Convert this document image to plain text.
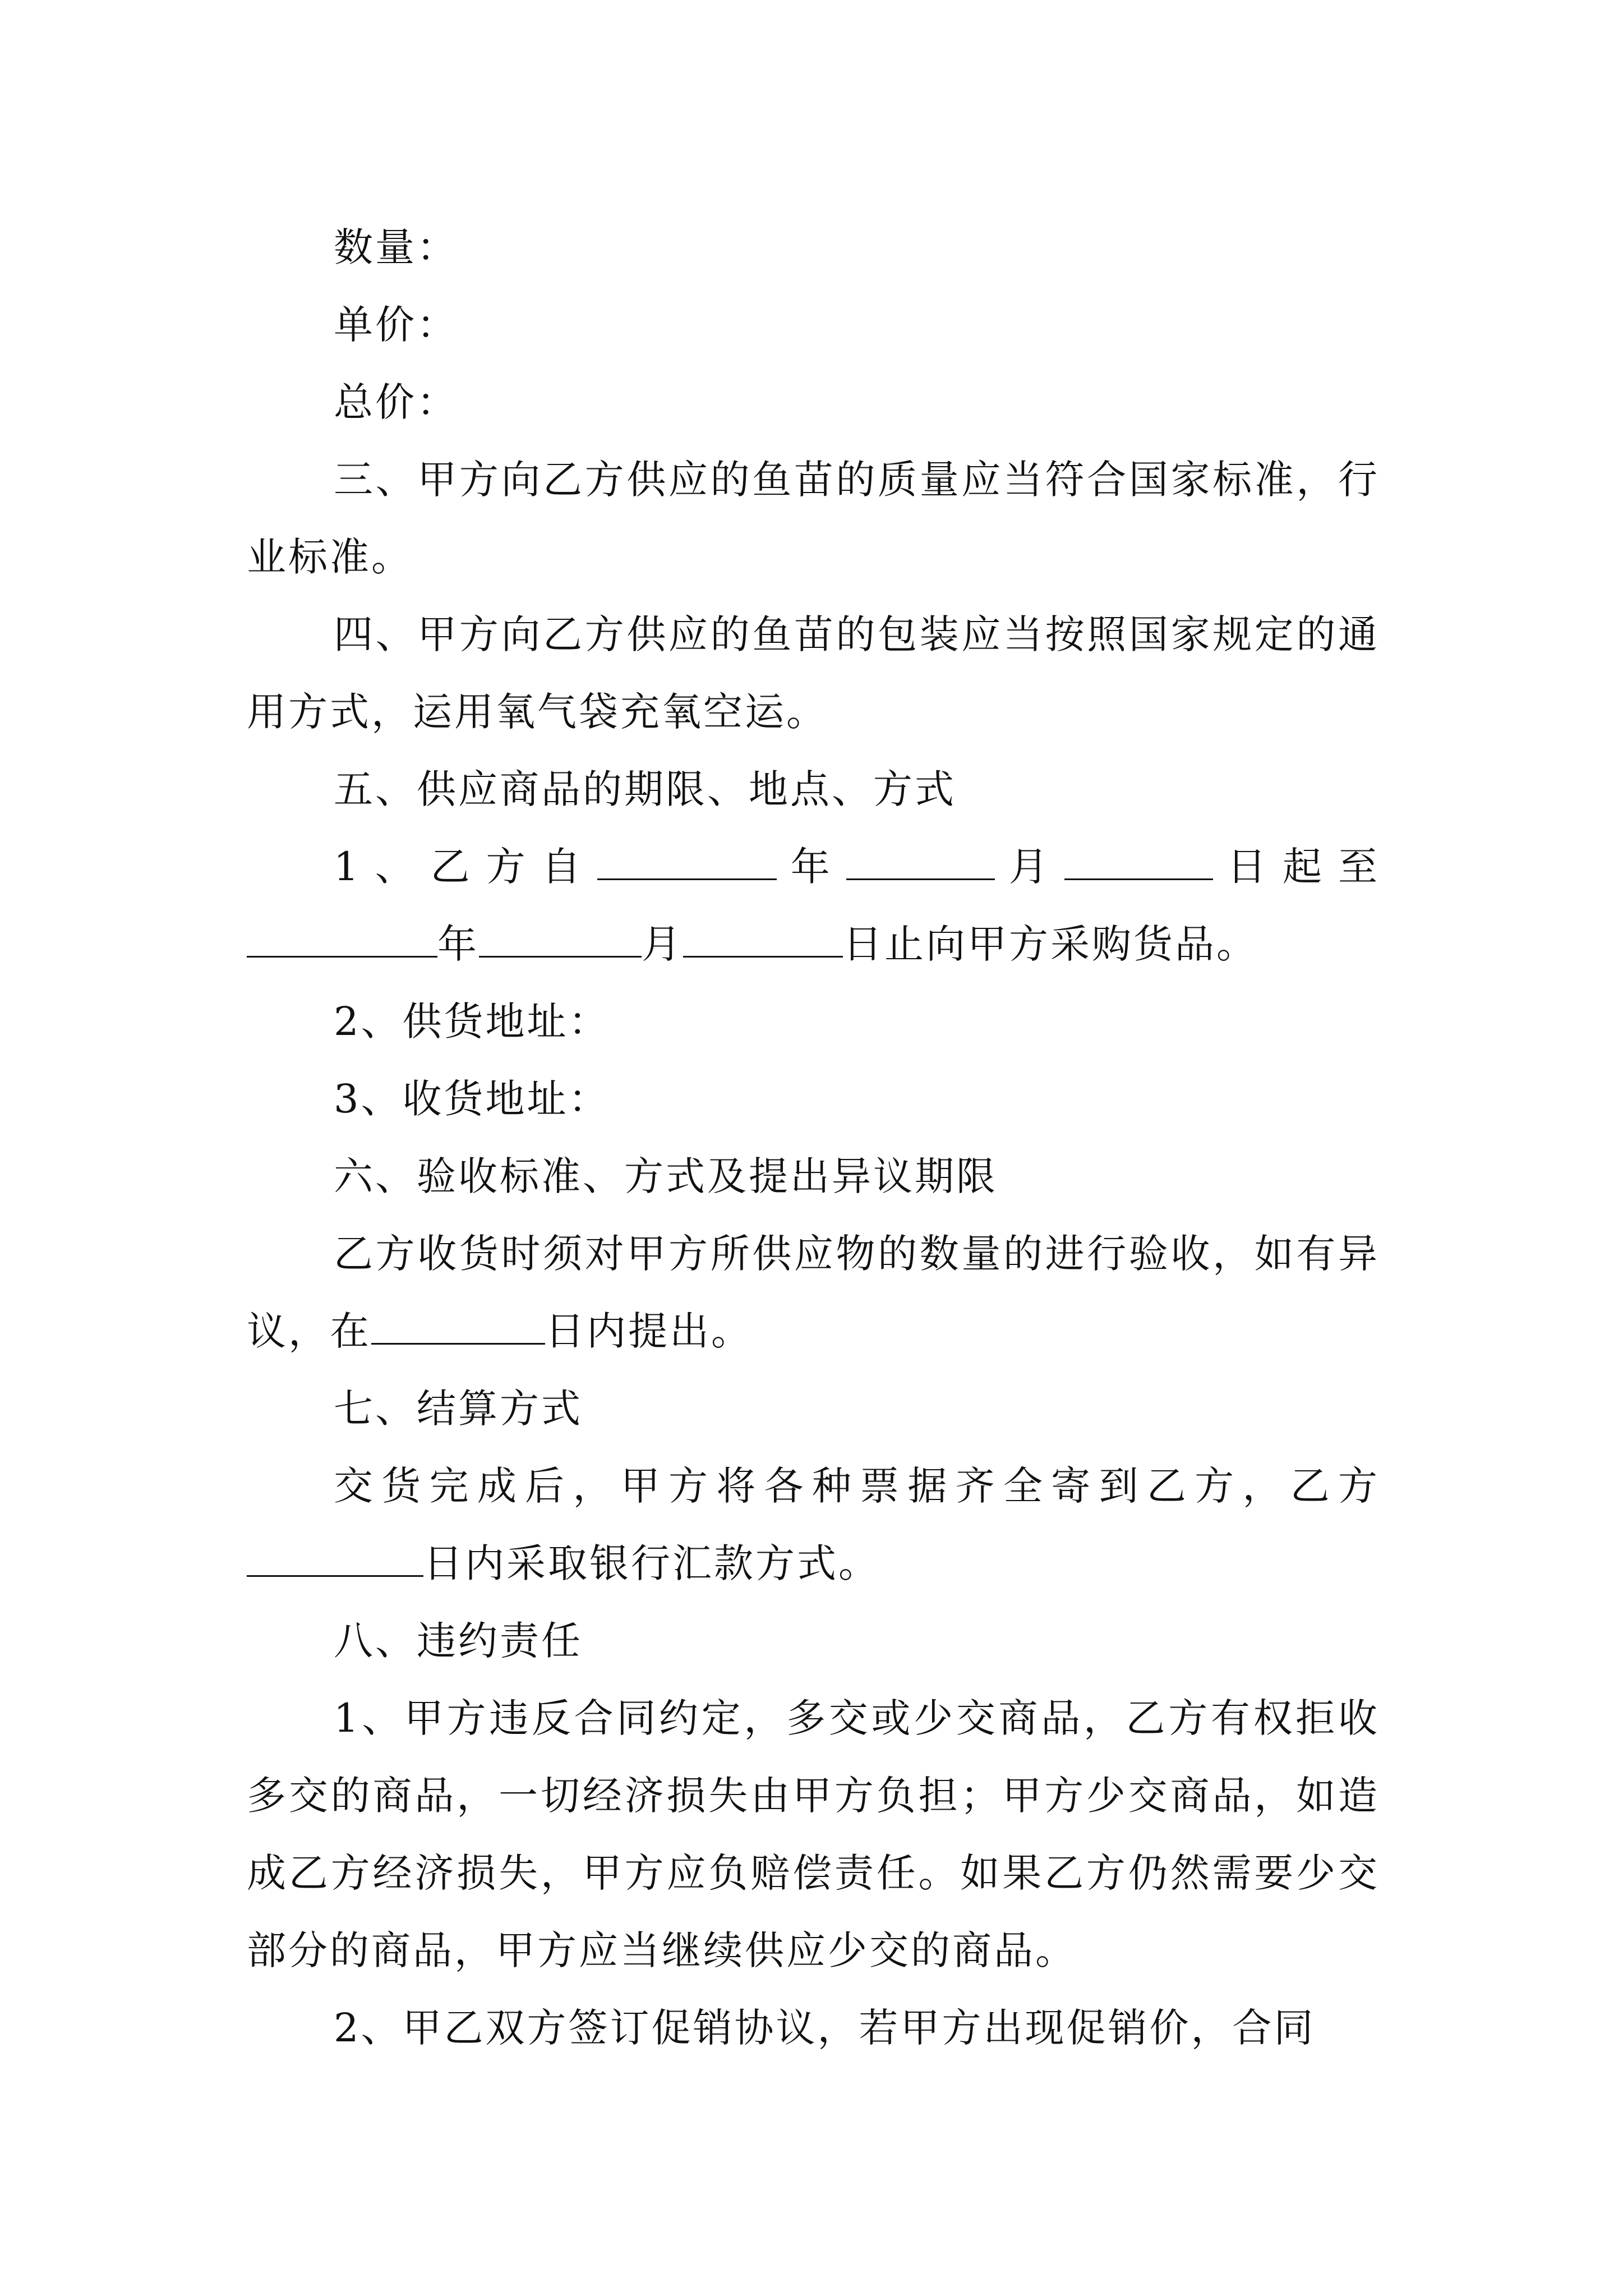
数量：

单价：

总价：

三、甲方向乙方供应的鱼苗的质量应当符合国家标准，行业标准。

四、甲方向乙方供应的鱼苗的包装应当按照国家规定的通用方式，运用氧气袋充氧空运。

五、供应商品的期限、地点、方式

1、乙方自	年	月	日起至年	月	日止向甲方采购货品。

2、供货地址：

3、收货地址：

六、验收标准、方式及提出异议期限

乙方收货时须对甲方所供应物的数量的进行验收，如有异议，在	日内提出。

七、结算方式

交货完成后，甲方将各种票据齐全寄到乙方，乙方日内采取银行汇款方式。

八、违约责任

1、甲方违反合同约定，多交或少交商品，乙方有权拒收多交的商品，一切经济损失由甲方负担；甲方少交商品，如造成乙方经济损失，甲方应负赔偿责任。如果乙方仍然需要少交部分的商品，甲方应当继续供应少交的商品。

2、甲乙双方签订促销协议，若甲方出现促销价，合同
